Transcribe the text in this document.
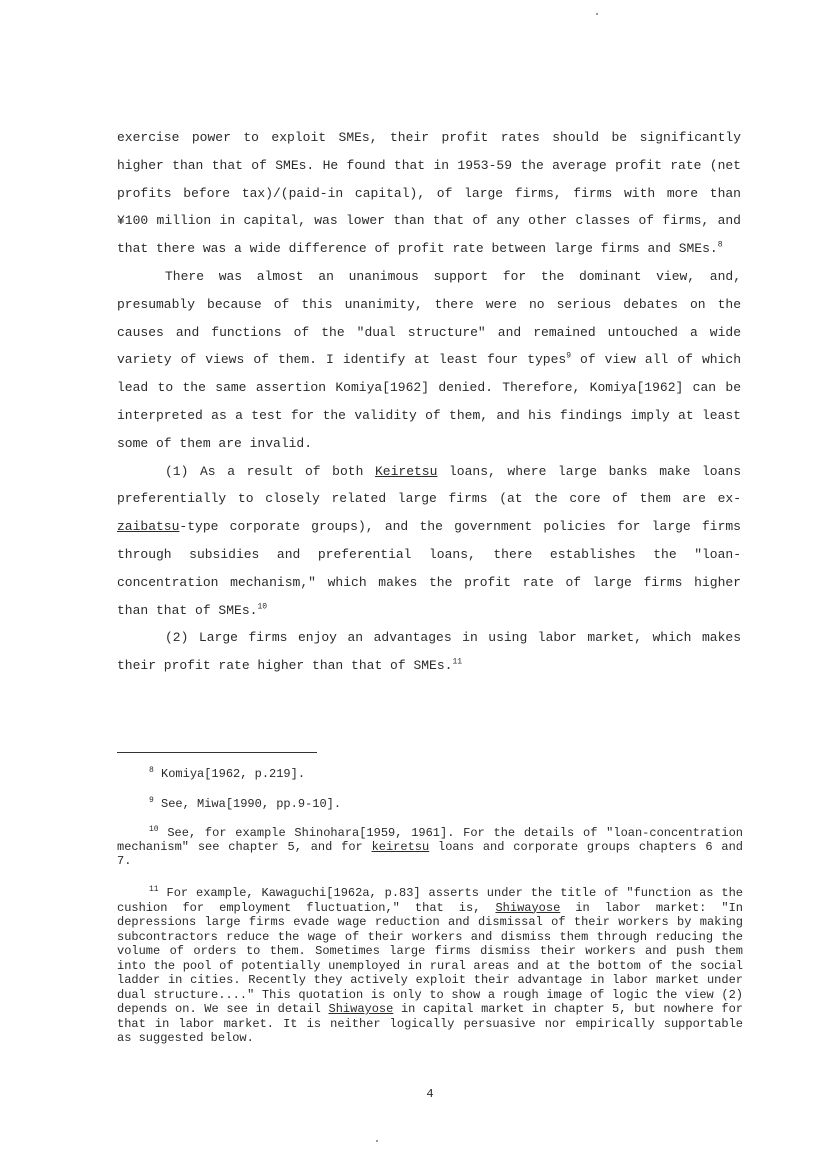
exercise power to exploit SMEs, their profit rates should be significantly higher than that of SMEs. He found that in 1953-59 the average profit rate (net profits before tax)/(paid-in capital), of large firms, firms with more than ¥100 million in capital, was lower than that of any other classes of firms, and that there was a wide difference of profit rate between large firms and SMEs.$^8$

There was almost an unanimous support for the dominant view, and, presumably because of this unanimity, there were no serious debates on the causes and functions of the "dual structure" and remained untouched a wide variety of views of them. I identify at least four types$^9$ of view all of which lead to the same assertion Komiya[1962] denied. Therefore, Komiya[1962] can be interpreted as a test for the validity of them, and his findings imply at least some of them are invalid.

(1) As a result of both Keiretsu loans, where large banks make loans preferentially to closely related large firms (at the core of them are ex-zaibatsu-type corporate groups), and the government policies for large firms through subsidies and preferential loans, there establishes the "loan-concentration mechanism," which makes the profit rate of large firms higher than that of SMEs.$^{10}$

(2) Large firms enjoy an advantages in using labor market, which makes their profit rate higher than that of SMEs.$^{11}$

$^8$ Komiya[1962, p.219].

$^9$ See, Miwa[1990, pp.9-10].

$^{10}$ See, for example Shinohara[1959, 1961]. For the details of "loan-concentration mechanism" see chapter 5, and for keiretsu loans and corporate groups chapters 6 and 7.

$^{11}$ For example, Kawaguchi[1962a, p.83] asserts under the title of "function as the cushion for employment fluctuation," that is, Shiwayose in labor market: "In depressions large firms evade wage reduction and dismissal of their workers by making subcontractors reduce the wage of their workers and dismiss them through reducing the volume of orders to them. Sometimes large firms dismiss their workers and push them into the pool of potentially unemployed in rural areas and at the bottom of the social ladder in cities. Recently they actively exploit their advantage in labor market under dual structure...." This quotation is only to show a rough image of logic the view (2) depends on. We see in detail Shiwayose in capital market in chapter 5, but nowhere for that in labor market. It is neither logically persuasive nor empirically supportable as suggested below.

4
